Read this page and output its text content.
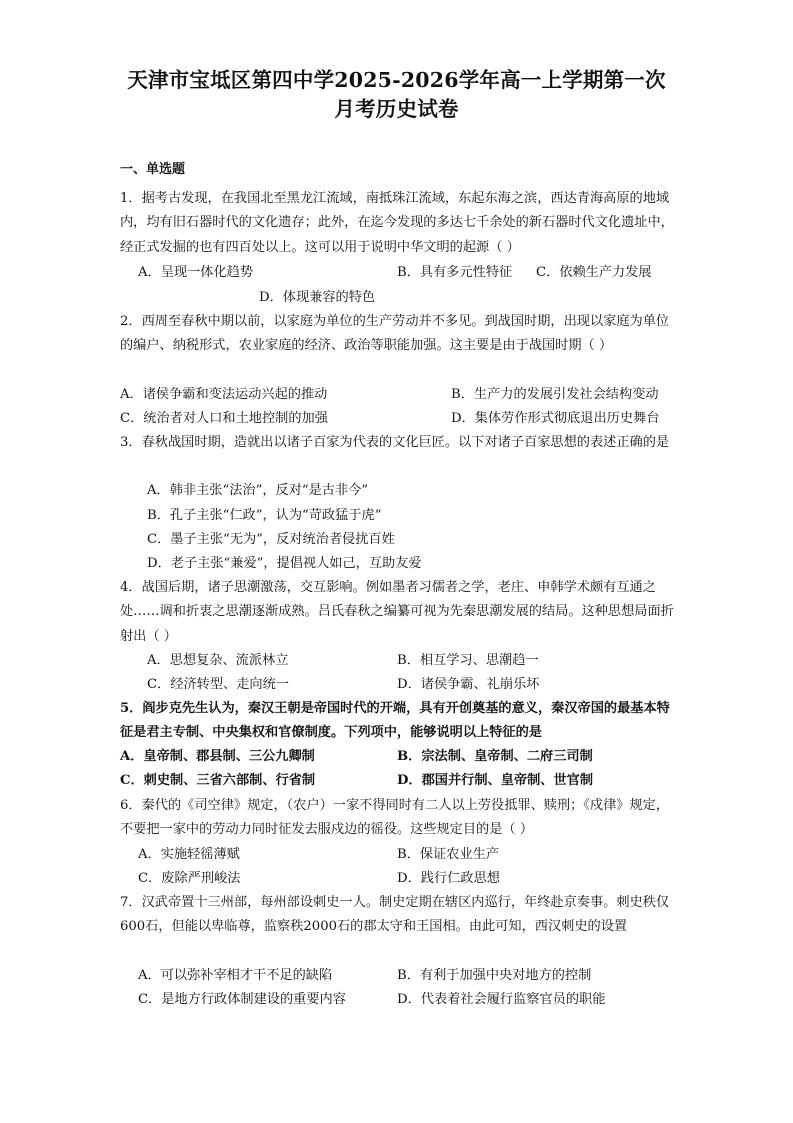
天津市宝坻区第四中学2025-2026学年高一上学期第一次
月考历史试卷
一、单选题
1．据考古发现，在我国北至黑龙江流域，南抵珠江流域，东起东海之滨，西达青海高原的地域内，均有旧石器时代的文化遗存；此外，在迄今发现的多达七千余处的新石器时代文化遗址中，经正式发掘的也有四百处以上。这可以用于说明中华文明的起源（ ）
A．呈现一体化趋势	B．具有多元性特征 C．依赖生产力发展
D．体现兼容的特色
2．西周至春秋中期以前，以家庭为单位的生产劳动并不多见。到战国时期，出现以家庭为单位的编户、纳税形式，农业家庭的经济、政治等职能加强。这主要是由于战国时期（ ）
A．诸侯争霸和变法运动兴起的推动	B．生产力的发展引发社会结构变动
C．统治者对人口和土地控制的加强	D．集体劳作形式彻底退出历史舞台
3．春秋战国时期，造就出以诸子百家为代表的文化巨匠。以下对诸子百家思想的表述正确的是
A．韩非主张“法治”，反对“是古非今”
B．孔子主张“仁政”，认为“苛政猛于虎”
C．墨子主张“无为”，反对统治者侵扰百姓
D．老子主张“兼爱”，提倡视人如己，互助友爱
4．战国后期，诸子思潮激荡，交互影响。例如墨者习儒者之学，老庄、申韩学术颇有互通之处……调和折衷之思潮逐渐成熟。吕氏春秋之编纂可视为先秦思潮发展的结局。这种思想局面折射出（ ）
A．思想复杂、流派林立	B．相互学习、思潮趋一
C．经济转型、走向统一	D．诸侯争霸、礼崩乐坏
5．阎步克先生认为，秦汉王朝是帝国时代的开端，具有开创奠基的意义，秦汉帝国的最基本特征是君主专制、中央集权和官僚制度。下列项中，能够说明以上特征的是
A．皇帝制、郡县制、三公九卿制	B．宗法制、皇帝制、二府三司制
C．刺史制、三省六部制、行省制	D．郡国并行制、皇帝制、世官制
6．秦代的《司空律》规定，（农户）一家不得同时有二人以上劳役抵罪、赎刑；《戍律》规定，不要把一家中的劳动力同时征发去服戍边的徭役。这些规定目的是（ ）
A．实施轻徭薄赋	B．保证农业生产
C．废除严刑峻法	D．践行仁政思想
7．汉武帝置十三州部，每州部设刺史一人。制史定期在辖区内巡行，年终赴京奏事。刺史秩仅600石，但能以卑临尊，监察秩2000石的郡太守和王国相。由此可知，西汉刺史的设置
A．可以弥补宰相才干不足的缺陷	B．有利于加强中央对地方的控制
C．是地方行政体制建设的重要内容	D．代表着社会履行监察官员的职能
